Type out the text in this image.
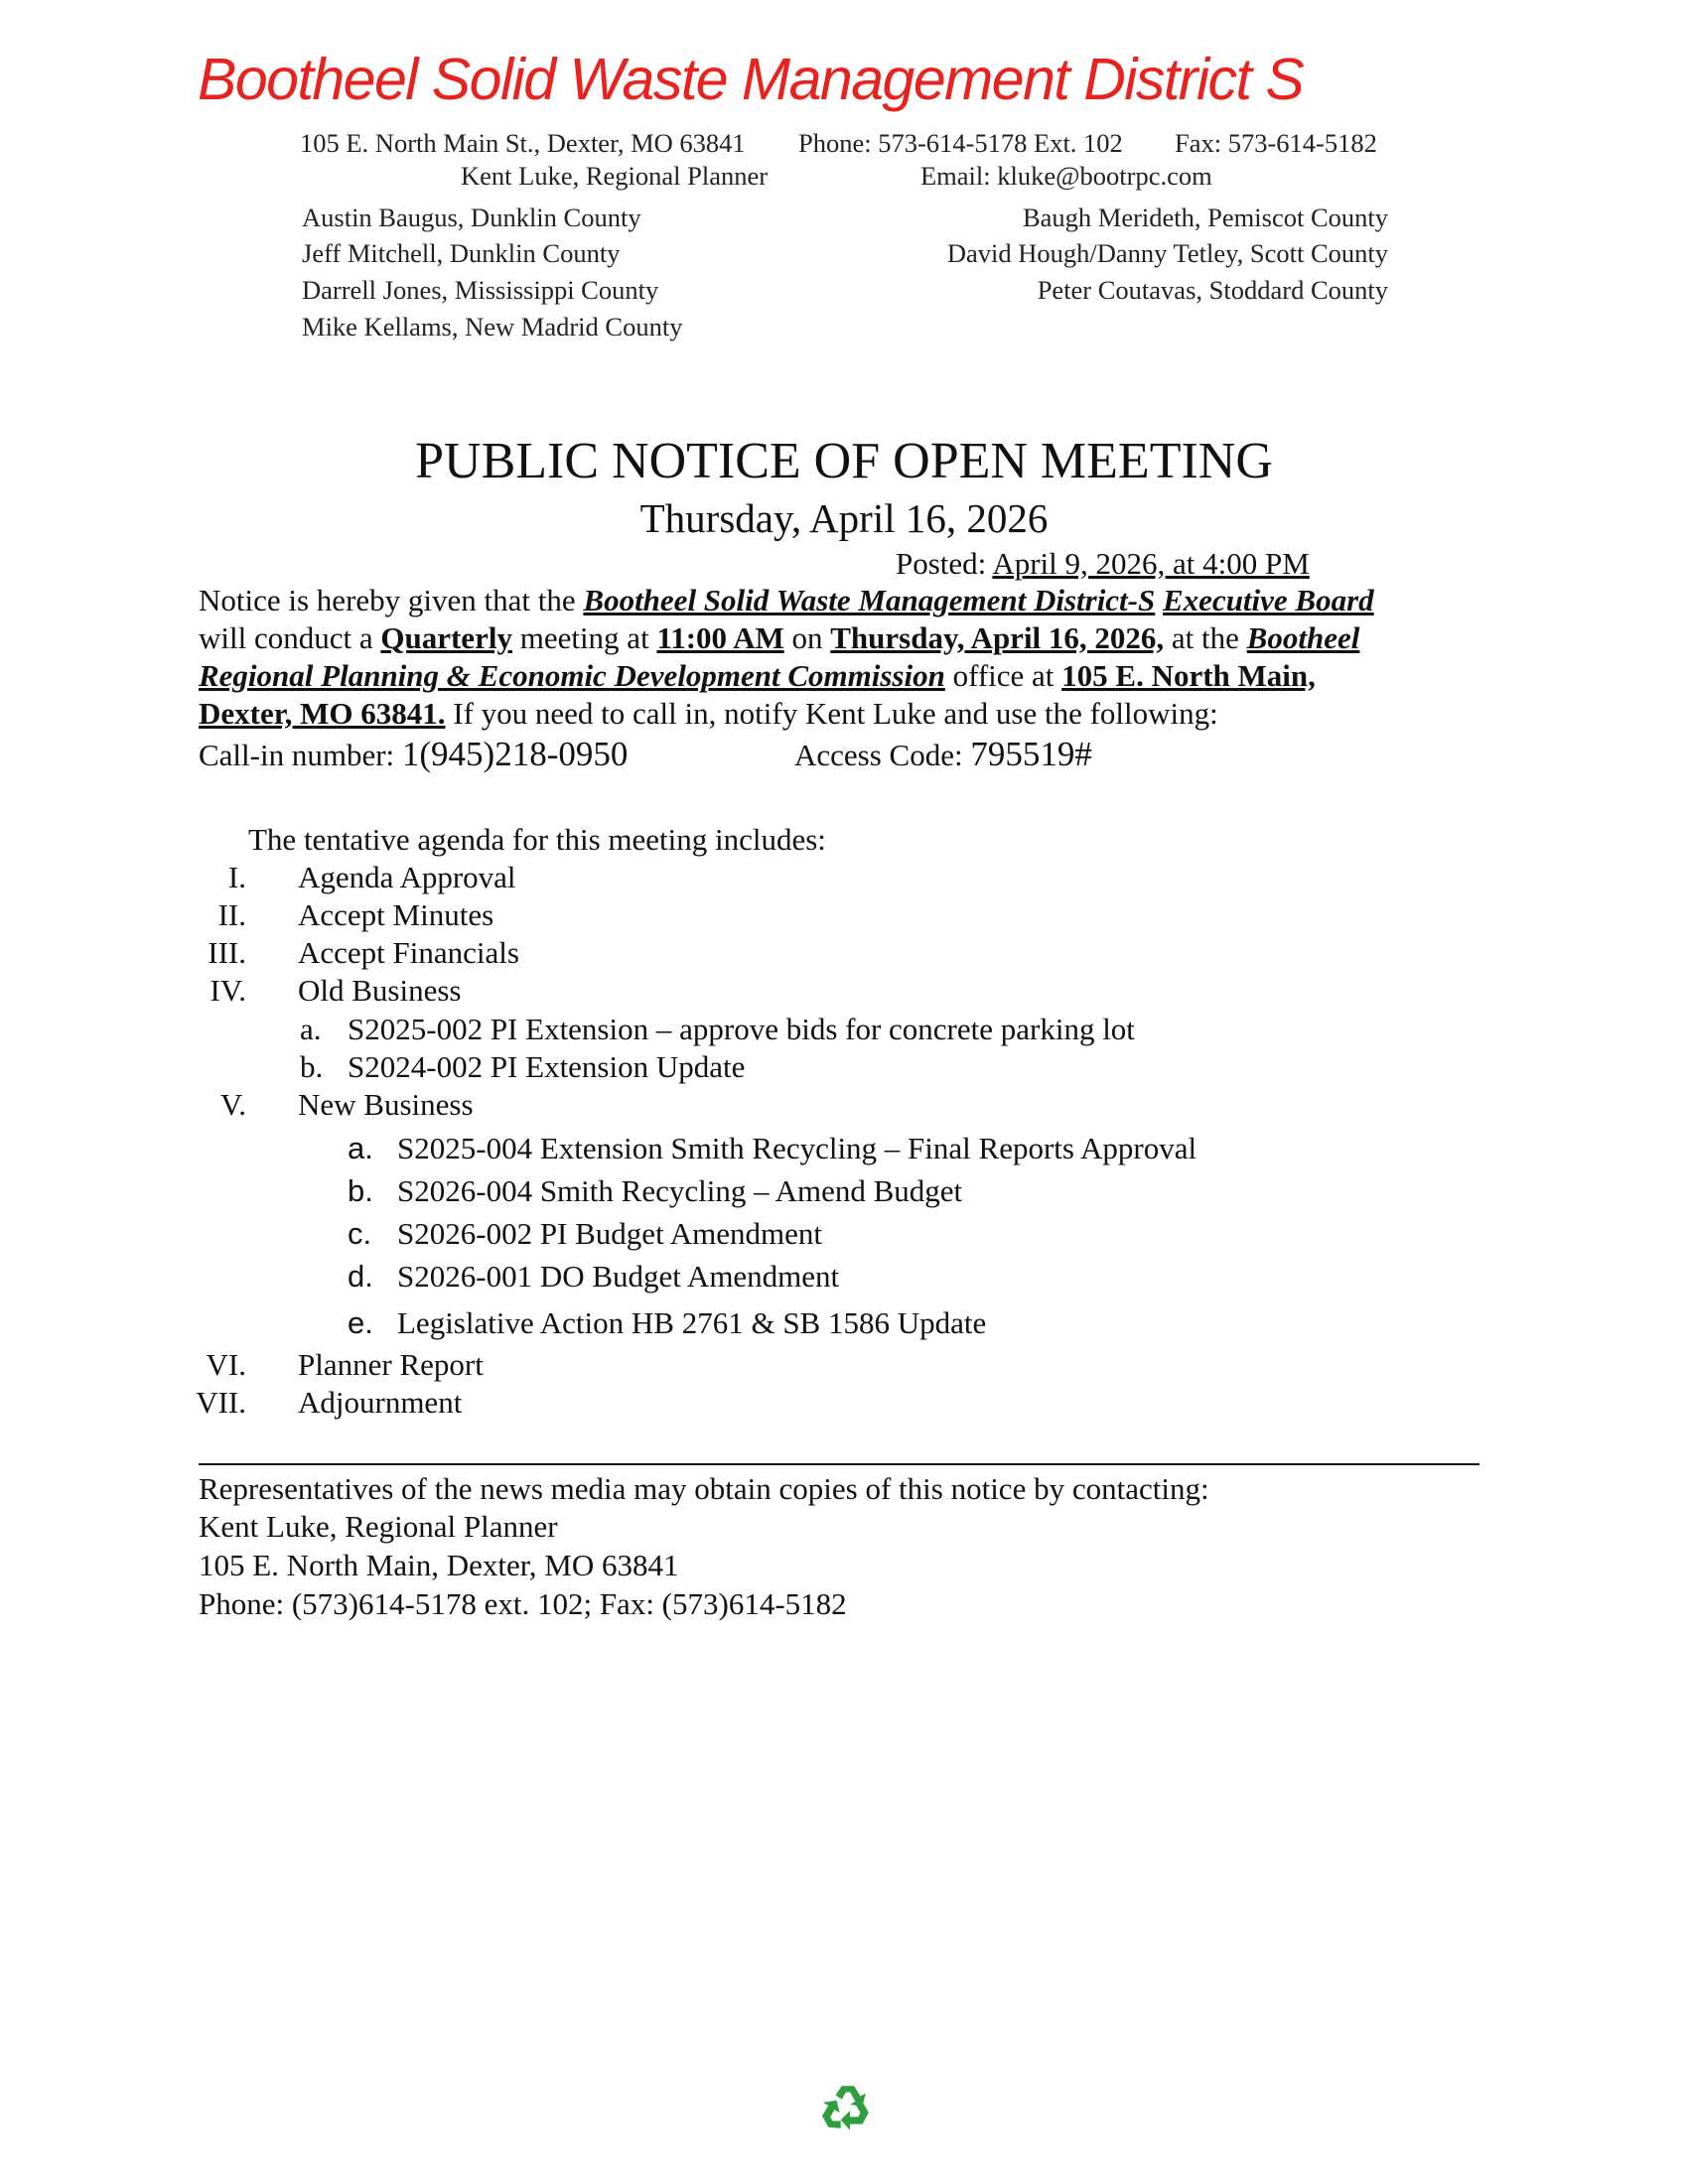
Bootheel Solid Waste Management District S
105 E. North Main St., Dexter, MO 63841 Phone: 573-614-5178 Ext. 102 Fax: 573-614-5182
Kent Luke, Regional Planner	Email: kluke@bootrpc.com
Austin Baugus, Dunklin County
Jeff Mitchell, Dunklin County
Darrell Jones, Mississippi County
Mike Kellams, New Madrid County
Baugh Merideth, Pemiscot County
David Hough/Danny Tetley, Scott County
Peter Coutavas, Stoddard County
PUBLIC NOTICE OF OPEN MEETING
Thursday, April 16, 2026
Posted: April 9, 2026, at 4:00 PM
Notice is hereby given that the Bootheel Solid Waste Management District-S Executive Board
will conduct a Quarterly meeting at 11:00 AM on Thursday, April 16, 2026, at the Bootheel
Regional Planning & Economic Development Commission office at 105 E. North Main,
Dexter, MO 63841. If you need to call in, notify Kent Luke and use the following:
Call-in number: 1(945)218-0950	Access Code: 795519#
The tentative agenda for this meeting includes:
I. Agenda Approval
II. Accept Minutes
III. Accept Financials
IV. Old Business
a. S2025-002 PI Extension – approve bids for concrete parking lot
b. S2024-002 PI Extension Update
V. New Business
a. S2025-004 Extension Smith Recycling – Final Reports Approval
b. S2026-004 Smith Recycling – Amend Budget
c. S2026-002 PI Budget Amendment
d. S2026-001 DO Budget Amendment
e. Legislative Action HB 2761 & SB 1586 Update
VI. Planner Report
VII. Adjournment
Representatives of the news media may obtain copies of this notice by contacting:
Kent Luke, Regional Planner
105 E. North Main, Dexter, MO 63841
Phone: (573)614-5178 ext. 102; Fax: (573)614-5182
